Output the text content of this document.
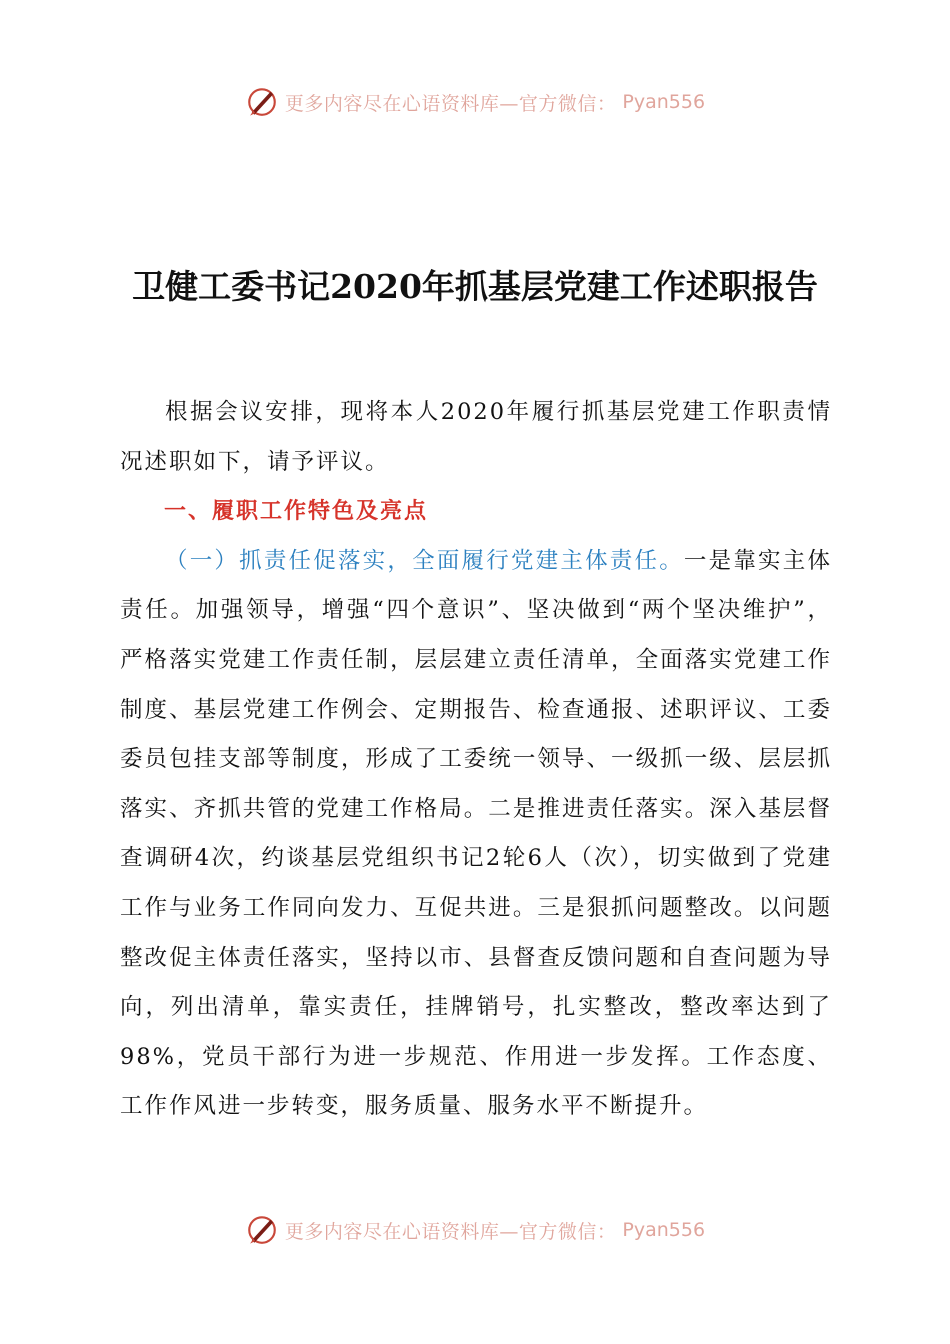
更多内容尽在心语资料库—官方微信： Pyan556
卫健工委书记2020年抓基层党建工作述职报告

根据会议安排，现将本人2020年履行抓基层党建工作职责情况述职如下，请予评议。

一、履职工作特色及亮点

（一）抓责任促落实，全面履行党建主体责任。一是靠实主体责任。加强领导，增强“四个意识”、坚决做到“两个坚决维护”，严格落实党建工作责任制，层层建立责任清单，全面落实党建工作制度、基层党建工作例会、定期报告、检查通报、述职评议、工委委员包挂支部等制度，形成了工委统一领导、一级抓一级、层层抓落实、齐抓共管的党建工作格局。二是推进责任落实。深入基层督查调研4次，约谈基层党组织书记2轮6人（次），切实做到了党建工作与业务工作同向发力、互促共进。三是狠抓问题整改。以问题整改促主体责任落实，坚持以市、县督查反馈问题和自查问题为导向，列出清单，靠实责任，挂牌销号，扎实整改，整改率达到了98%，党员干部行为进一步规范、作用进一步发挥。工作态度、工作作风进一步转变，服务质量、服务水平不断提升。

更多内容尽在心语资料库—官方微信： Pyan556
